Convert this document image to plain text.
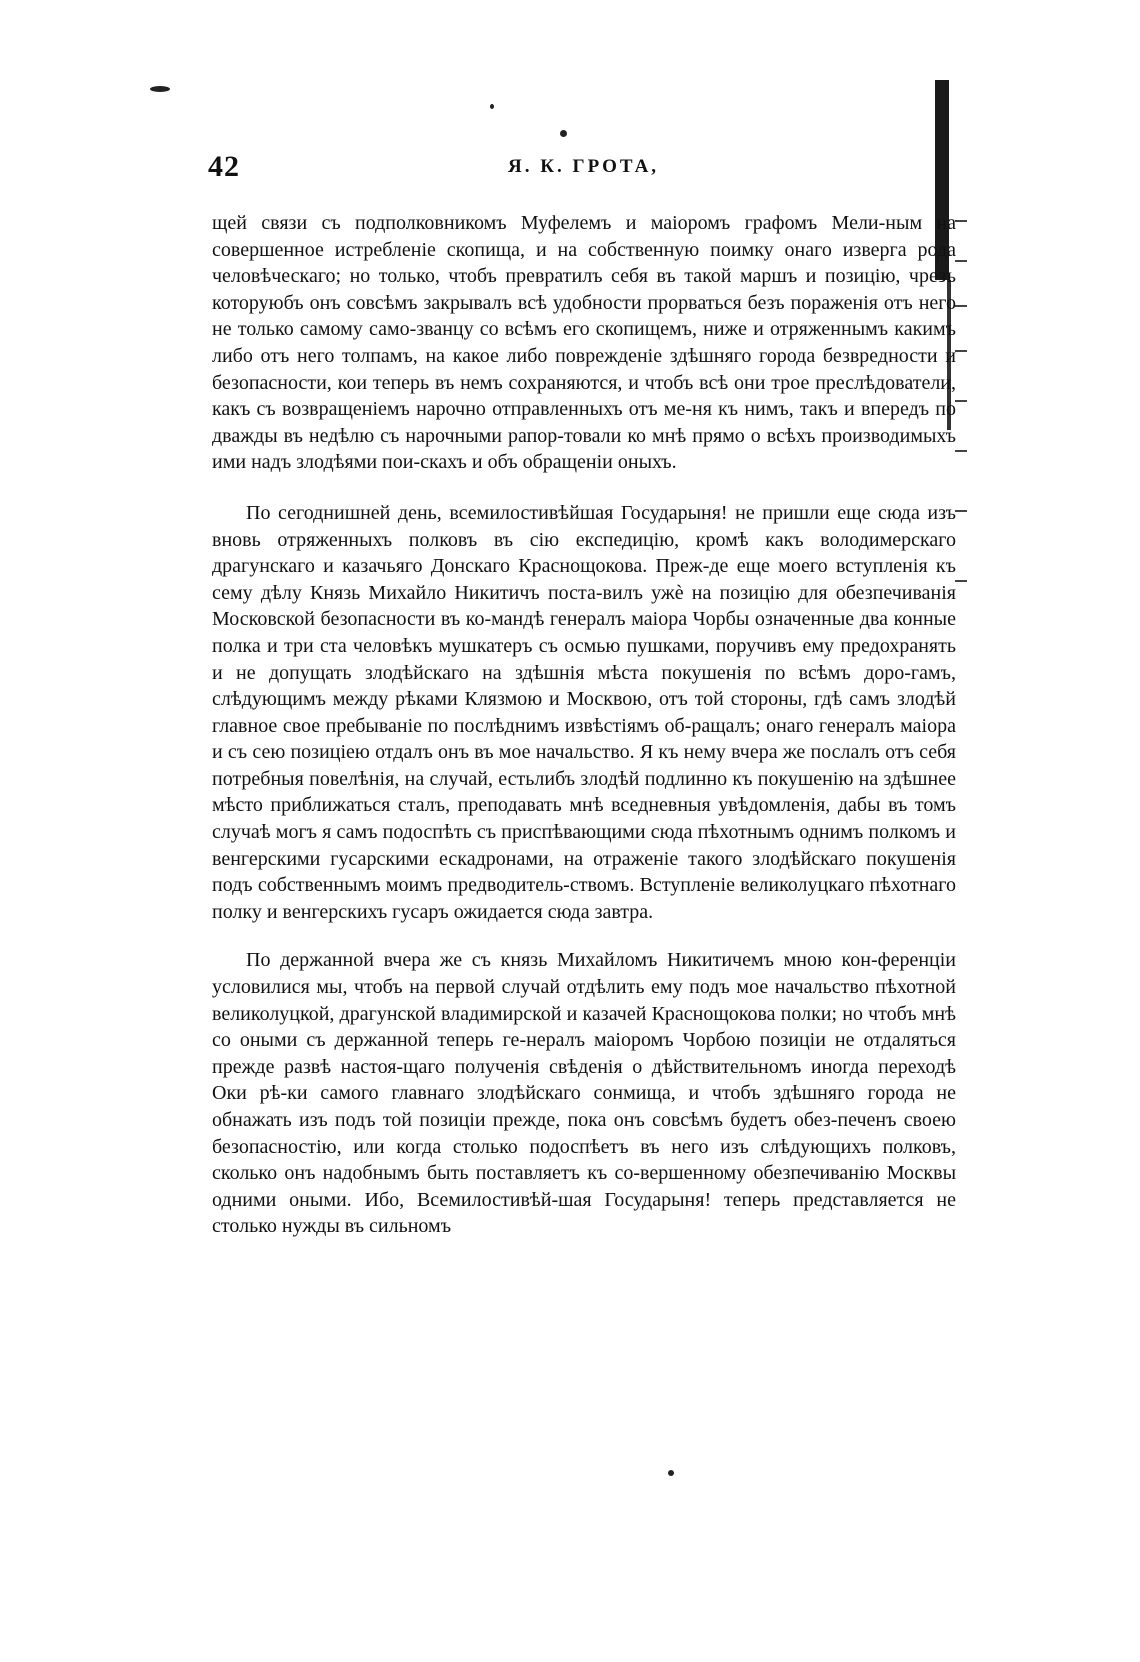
42	Я. К. ГРОТА,

щей связи съ подполковникомъ Муфелемъ и маіоромъ графомъ Мели-ным на совершенное истребленіе скопища, и на собственную поимку онаго изверга рода человѣческаго; но только, чтобъ превратилъ себя въ такой маршъ и позицію, чрезъ которуюбъ онъ совсѣмъ закрывалъ всѣ удобности прорваться безъ пораженія отъ него не только самому само-званцу со всѣмъ его скопищемъ, ниже и отряженнымъ какимъ либо отъ него толпамъ, на какое либо поврежденіе здѣшняго города безвредности и безопасности, кои теперь въ немъ сохраняются, и чтобъ всѣ они трое преслѣдователи, какъ съ возвращеніемъ нарочно отправленныхъ отъ ме-ня къ нимъ, такъ и впередъ по дважды въ недѣлю съ нарочными рапор-товали ко мнѣ прямо о всѣхъ производимыхъ ими надъ злодѣями пои-скахъ и объ обращеніи оныхъ.

По сегоднишней день, всемилостивѣйшая Государыня! не пришли еще сюда изъ вновь отряженныхъ полковъ въ сію експедицію, кромѣ какъ володимерскаго драгунскаго и казачьяго Донскаго Краснощокова. Преж-де еще моего вступленія къ сему дѣлу Князь Михайло Никитичъ поста-вилъ ужѐ на позицію для обезпечиванія Московской безопасности въ ко-мандѣ генералъ маіора Чорбы означенные два конные полка и три ста человѣкъ мушкатеръ съ осмью пушками, поручивъ ему предохранять и не допущать злодѣйскаго на здѣшнія мѣста покушенія по всѣмъ доро-гамъ, слѣдующимъ между рѣками Клязмою и Москвою, отъ той стороны, гдѣ самъ злодѣй главное свое пребываніе по послѣднимъ извѣстіямъ об-ращалъ; онаго генералъ маіора и съ сею позиціею отдалъ онъ въ мое начальство. Я къ нему вчера же послалъ отъ себя потребныя повелѣнія, на случай, естьлибъ злодѣй подлинно къ покушенію на здѣшнее мѣсто приближаться сталъ, преподавать мнѣ вседневныя увѣдомленія, дабы въ томъ случаѣ могъ я самъ подоспѣть съ приспѣвающими сюда пѣхотнымъ однимъ полкомъ и венгерскими гусарскими ескадронами, на отраженіе такого злодѣйскаго покушенія подъ собственнымъ моимъ предводитель-ствомъ. Вступленіе великолуцкаго пѣхотнаго полку и венгерскихъ гусаръ ожидается сюда завтра.

По держанной вчера же съ князь Михайломъ Никитичемъ мною кон-ференціи условилися мы, чтобъ на первой случай отдѣлить ему подъ мое начальство пѣхотной великолуцкой, драгунской владимирской и казачей Краснощокова полки; но чтобъ мнѣ со оными съ держанной теперь ге-нералъ маіоромъ Чорбою позиціи не отдаляться прежде развѣ настоя-щаго полученія свѣденія о дѣйствительномъ иногда переходѣ Оки рѣ-ки самого главнаго злодѣйскаго сонмища, и чтобъ здѣшняго города не обнажать изъ подъ той позиціи прежде, пока онъ совсѣмъ будетъ обез-печенъ своею безопасностію, или когда столько подоспѣетъ въ него изъ слѣдующихъ полковъ, сколько онъ надобнымъ быть поставляетъ къ со-вершенному обезпечиванію Москвы одними оными. Ибо, Всемилостивѣй-шая Государыня! теперь представляется не столько нужды въ сильномъ
